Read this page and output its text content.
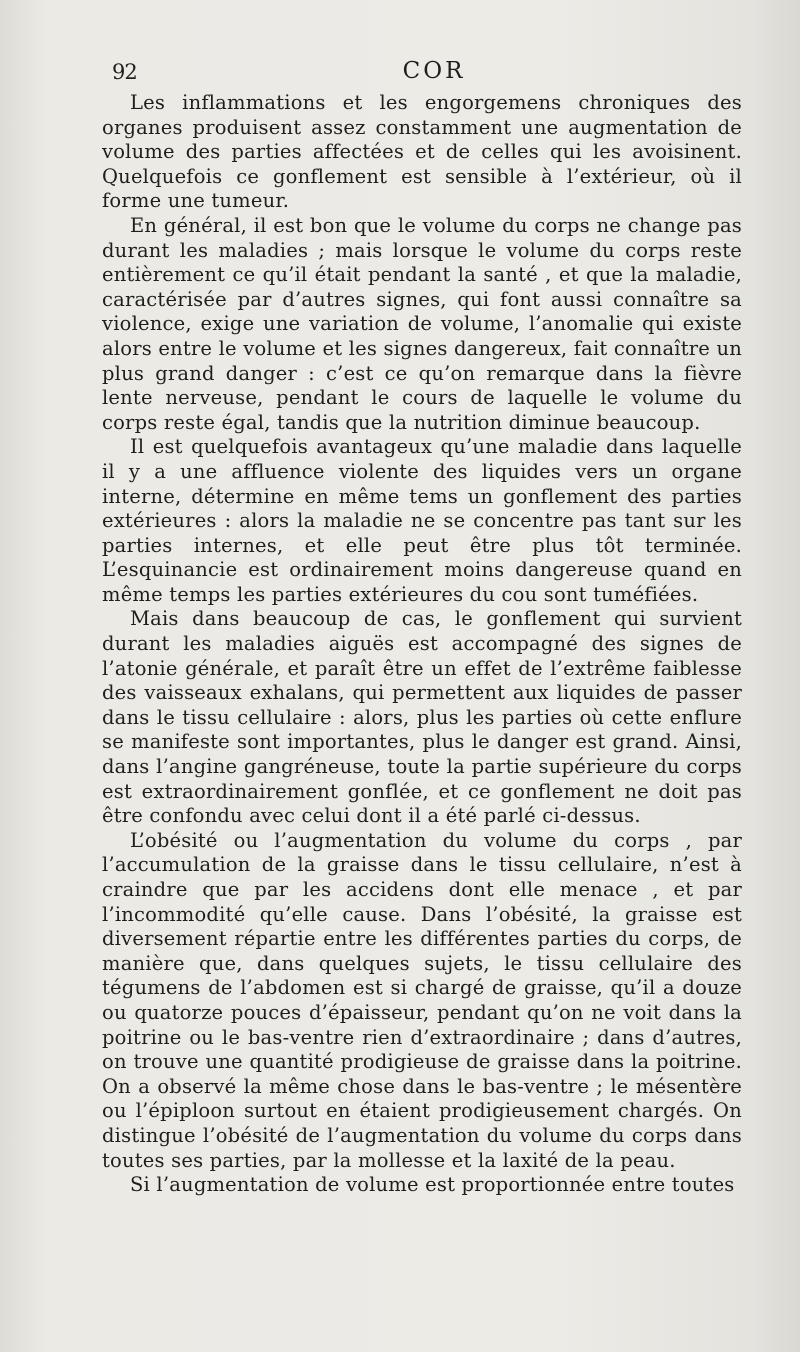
92	COR

Les inflammations et les engorgemens chroniques des organes produisent assez constamment une augmentation de volume des parties affectées et de celles qui les avoisinent. Quelquefois ce gonflement est sensible à l’extérieur, où il forme une tumeur.

En général, il est bon que le volume du corps ne change pas durant les maladies ; mais lorsque le volume du corps reste entièrement ce qu’il était pendant la santé , et que la maladie, caractérisée par d’autres signes, qui font aussi connaître sa violence, exige une variation de volume, l’anomalie qui existe alors entre le volume et les signes dangereux, fait connaître un plus grand danger : c’est ce qu’on remarque dans la fièvre lente nerveuse, pendant le cours de laquelle le volume du corps reste égal, tandis que la nutrition diminue beaucoup.

Il est quelquefois avantageux qu’une maladie dans laquelle il y a une affluence violente des liquides vers un organe interne, détermine en même tems un gonflement des parties extérieures : alors la maladie ne se concentre pas tant sur les parties internes, et elle peut être plus tôt terminée. L’esquinancie est ordinairement moins dangereuse quand en même temps les parties extérieures du cou sont tuméfiées.

Mais dans beaucoup de cas, le gonflement qui survient durant les maladies aiguës est accompagné des signes de l’atonie générale, et paraît être un effet de l’extrême faiblesse des vaisseaux exhalans, qui permettent aux liquides de passer dans le tissu cellulaire : alors, plus les parties où cette enflure se manifeste sont importantes, plus le danger est grand. Ainsi, dans l’angine gangréneuse, toute la partie supérieure du corps est extraordinairement gonflée, et ce gonflement ne doit pas être confondu avec celui dont il a été parlé ci-dessus.

L’obésité ou l’augmentation du volume du corps , par l’accumulation de la graisse dans le tissu cellulaire, n’est à craindre que par les accidens dont elle menace , et par l’incommodité qu’elle cause. Dans l’obésité, la graisse est diversement répartie entre les différentes parties du corps, de manière que, dans quelques sujets, le tissu cellulaire des tégumens de l’abdomen est si chargé de graisse, qu’il a douze ou quatorze pouces d’épaisseur, pendant qu’on ne voit dans la poitrine ou le bas-ventre rien d’extraordinaire ; dans d’autres, on trouve une quantité prodigieuse de graisse dans la poitrine. On a observé la même chose dans le bas-ventre ; le mésentère ou l’épiploon surtout en étaient prodigieusement chargés. On distingue l’obésité de l’augmentation du volume du corps dans toutes ses parties, par la mollesse et la laxité de la peau.

Si l’augmentation de volume est proportionnée entre toutes
